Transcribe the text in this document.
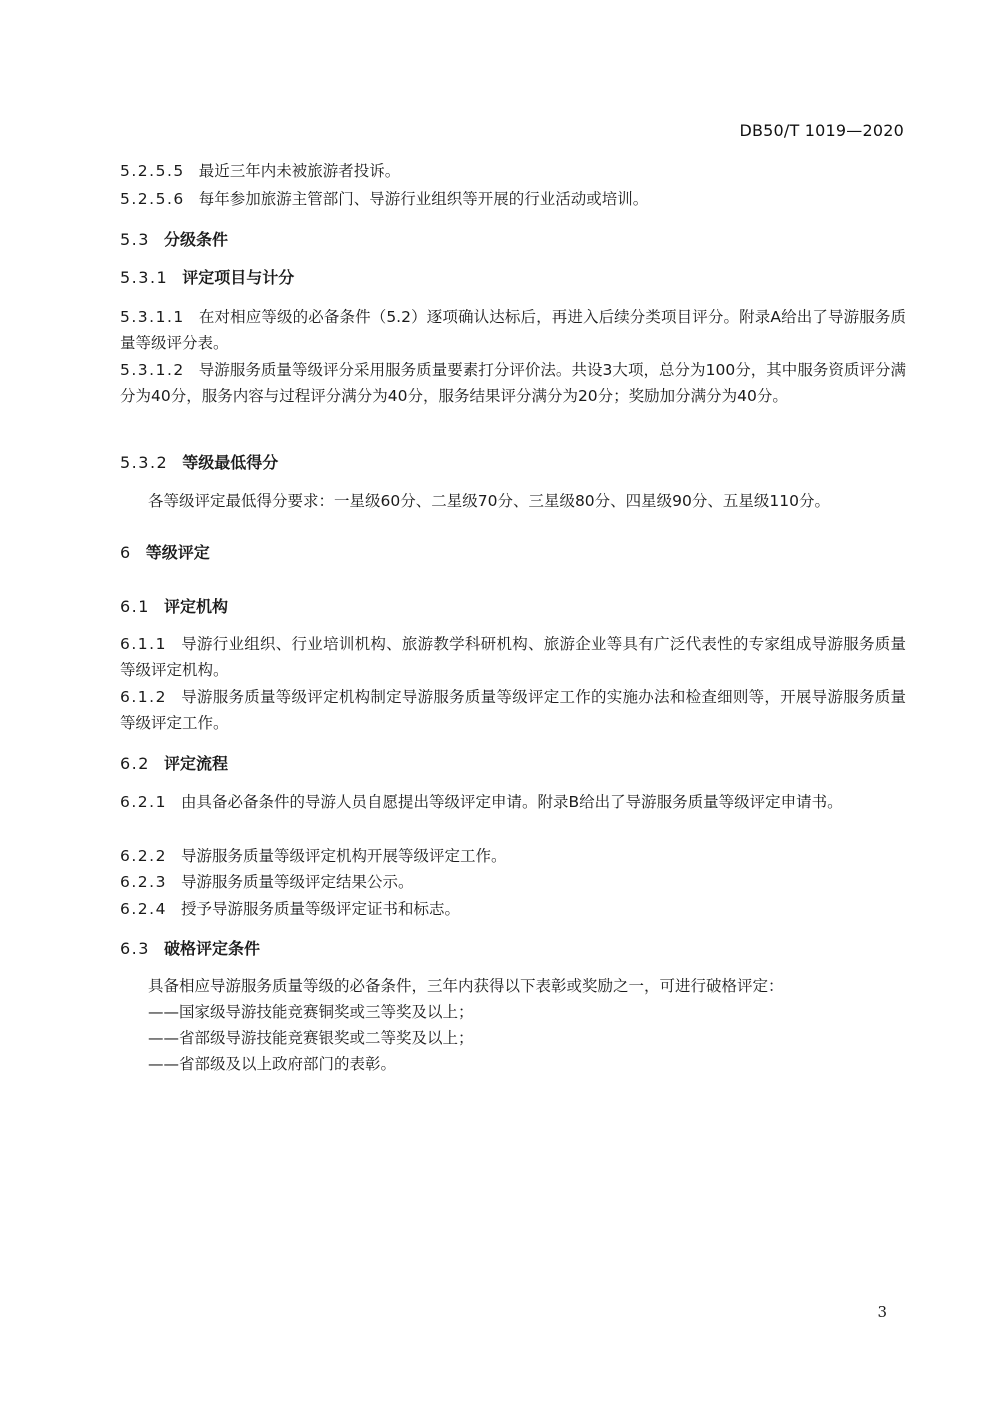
DB50/T 1019—2020
5.2.5.5 最近三年内未被旅游者投诉。
5.2.5.6 每年参加旅游主管部门、导游行业组织等开展的行业活动或培训。
5.3 分级条件
5.3.1 评定项目与计分
5.3.1.1 在对相应等级的必备条件（5.2）逐项确认达标后，再进入后续分类项目评分。附录A给出了导游服务质量等级评分表。
5.3.1.2 导游服务质量等级评分采用服务质量要素打分评价法。共设3大项，总分为100分，其中服务资质评分满分为40分，服务内容与过程评分满分为40分，服务结果评分满分为20分；奖励加分满分为40分。
5.3.2 等级最低得分
各等级评定最低得分要求：一星级60分、二星级70分、三星级80分、四星级90分、五星级110分。
6 等级评定
6.1 评定机构
6.1.1 导游行业组织、行业培训机构、旅游教学科研机构、旅游企业等具有广泛代表性的专家组成导游服务质量等级评定机构。
6.1.2 导游服务质量等级评定机构制定导游服务质量等级评定工作的实施办法和检查细则等，开展导游服务质量等级评定工作。
6.2 评定流程
6.2.1 由具备必备条件的导游人员自愿提出等级评定申请。附录B给出了导游服务质量等级评定申请书。
6.2.2 导游服务质量等级评定机构开展等级评定工作。
6.2.3 导游服务质量等级评定结果公示。
6.2.4 授予导游服务质量等级评定证书和标志。
6.3 破格评定条件
具备相应导游服务质量等级的必备条件，三年内获得以下表彰或奖励之一，可进行破格评定：
——国家级导游技能竞赛铜奖或三等奖及以上；
——省部级导游技能竞赛银奖或二等奖及以上；
——省部级及以上政府部门的表彰。
3
